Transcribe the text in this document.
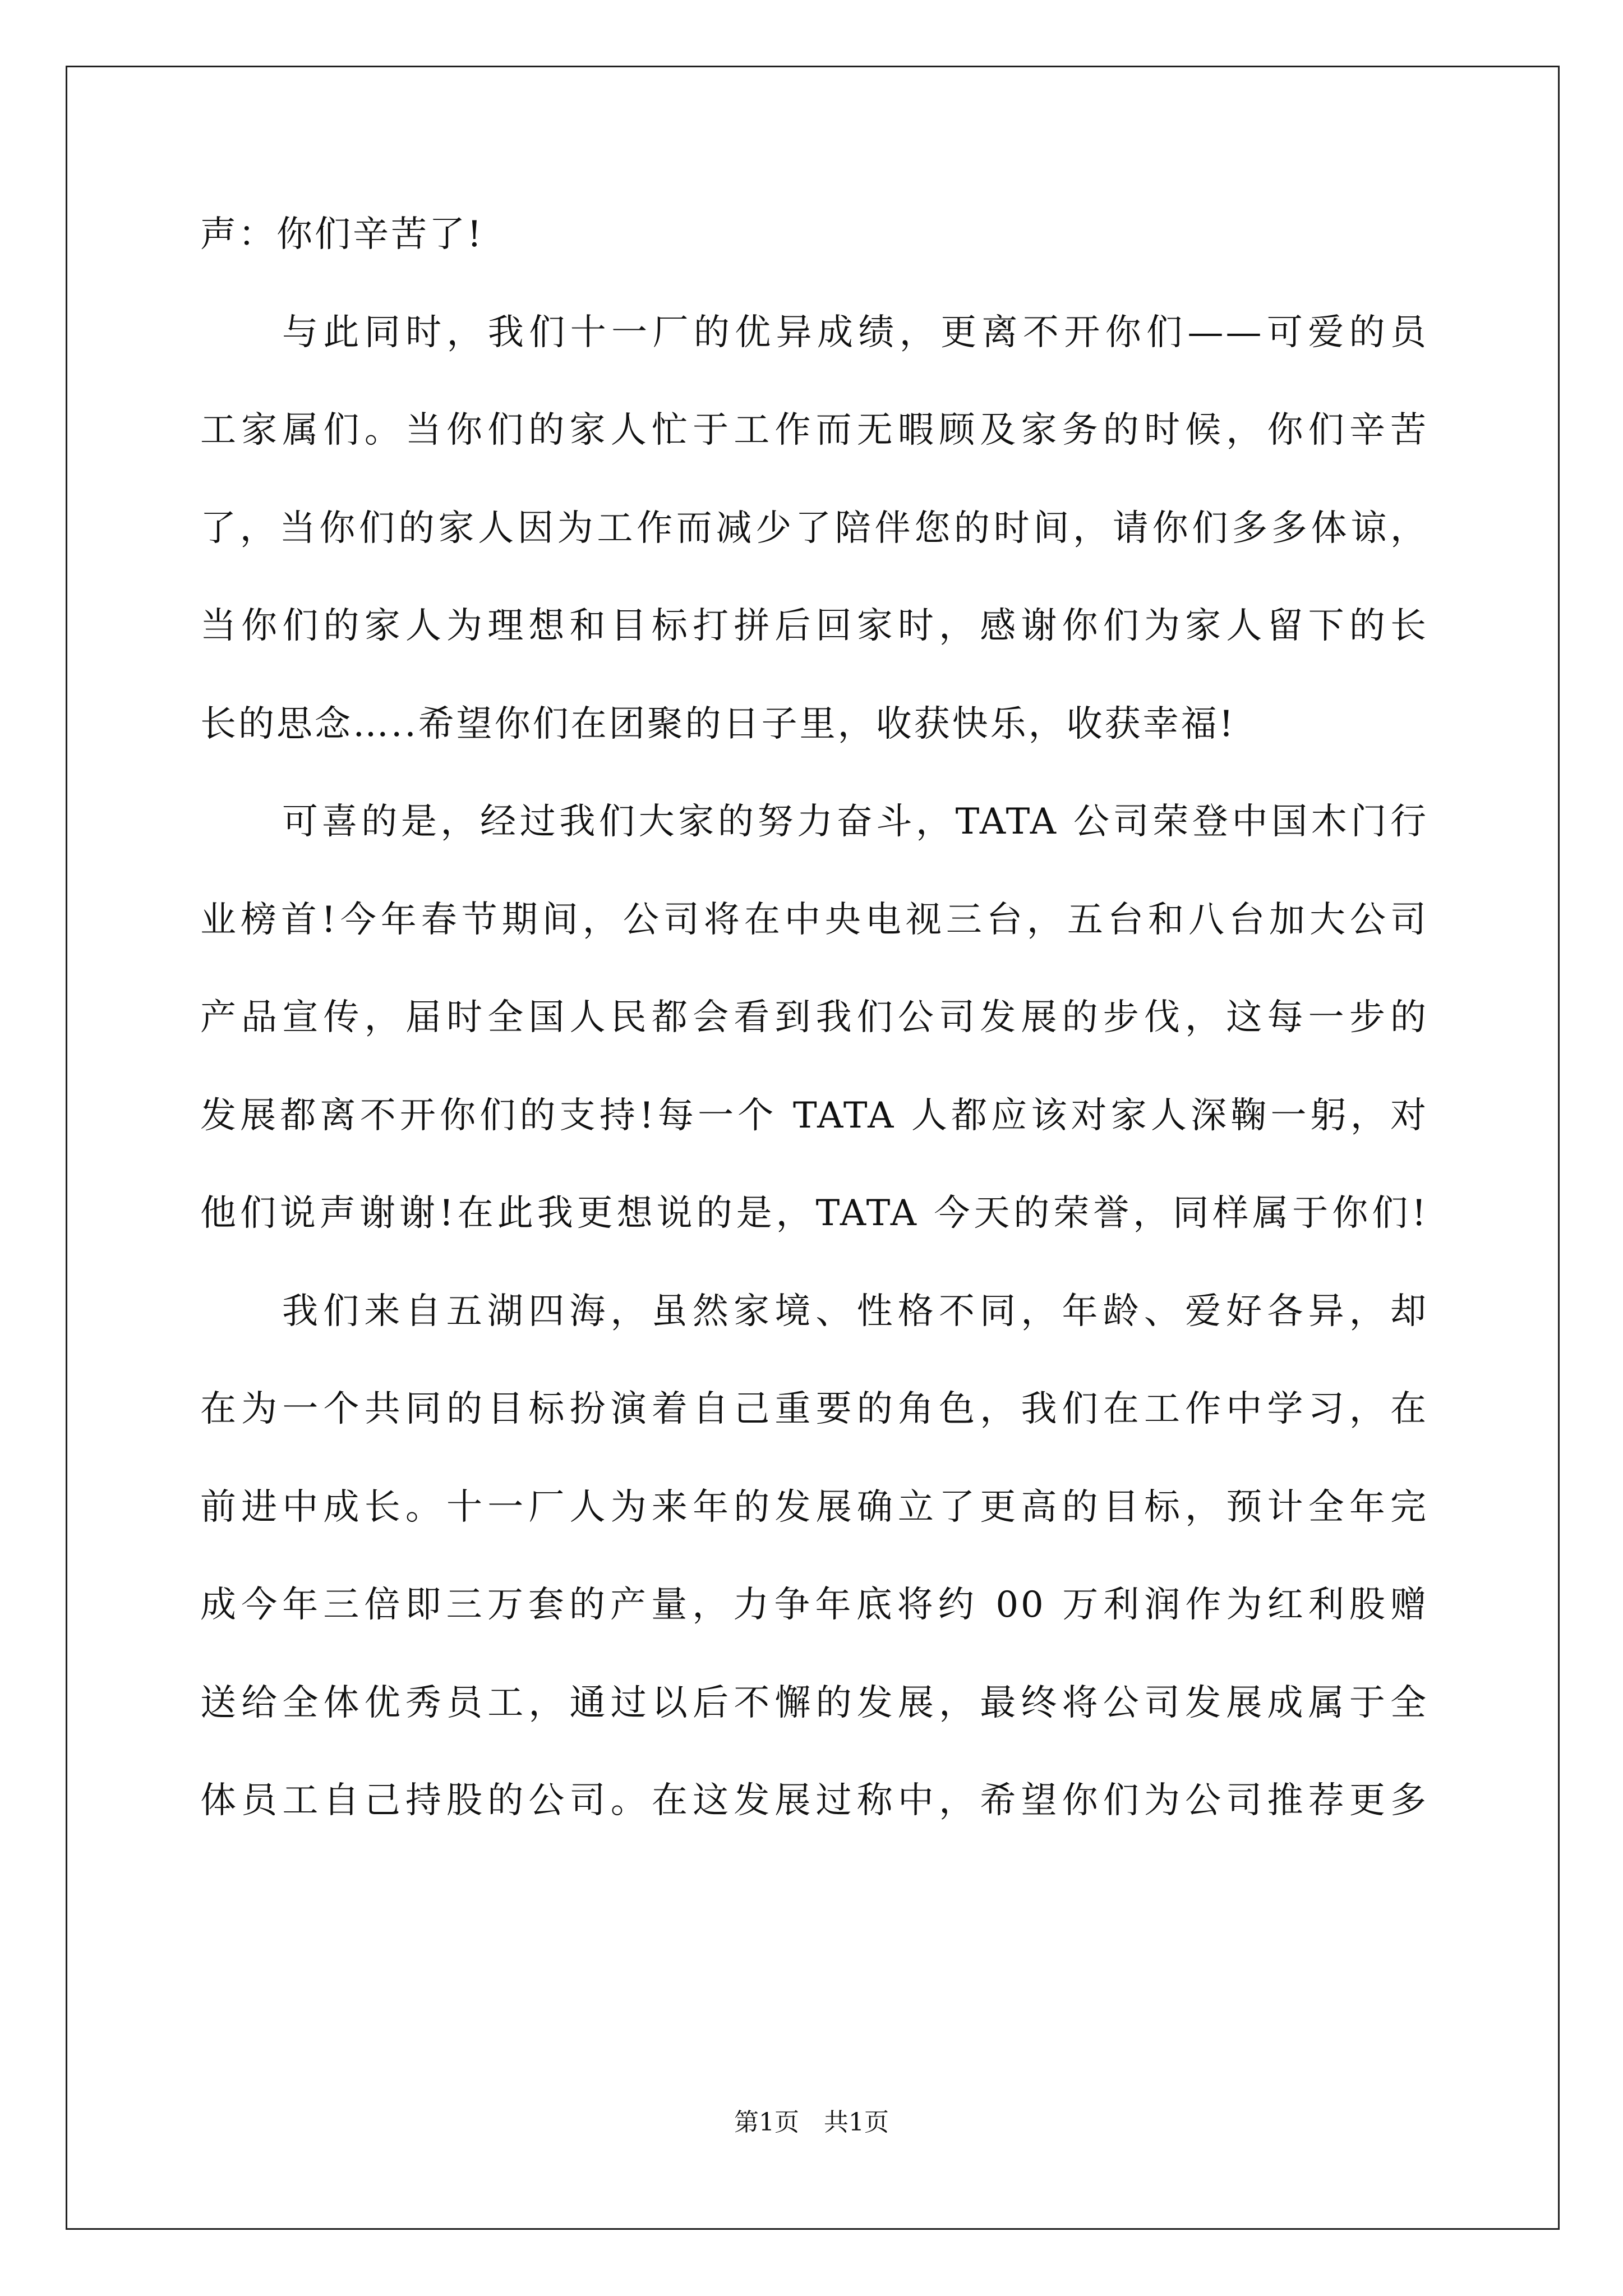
声：你们辛苦了!
与此同时，我们十一厂的优异成绩，更离不开你们——可爱的员
工家属们。当你们的家人忙于工作而无暇顾及家务的时候，你们辛苦
了，当你们的家人因为工作而减少了陪伴您的时间，请你们多多体谅，
当你们的家人为理想和目标打拼后回家时，感谢你们为家人留下的长
长的思念…..希望你们在团聚的日子里，收获快乐，收获幸福!
可喜的是，经过我们大家的努力奋斗，TATA 公司荣登中国木门行
业榜首!今年春节期间，公司将在中央电视三台，五台和八台加大公司
产品宣传，届时全国人民都会看到我们公司发展的步伐，这每一步的
发展都离不开你们的支持!每一个 TATA 人都应该对家人深鞠一躬，对
他们说声谢谢!在此我更想说的是，TATA 今天的荣誉，同样属于你们!
我们来自五湖四海，虽然家境、性格不同，年龄、爱好各异，却
在为一个共同的目标扮演着自己重要的角色，我们在工作中学习，在
前进中成长。十一厂人为来年的发展确立了更高的目标，预计全年完
成今年三倍即三万套的产量，力争年底将约 00 万利润作为红利股赠
送给全体优秀员工，通过以后不懈的发展，最终将公司发展成属于全
体员工自己持股的公司。在这发展过称中，希望你们为公司推荐更多
第1页　共1页
